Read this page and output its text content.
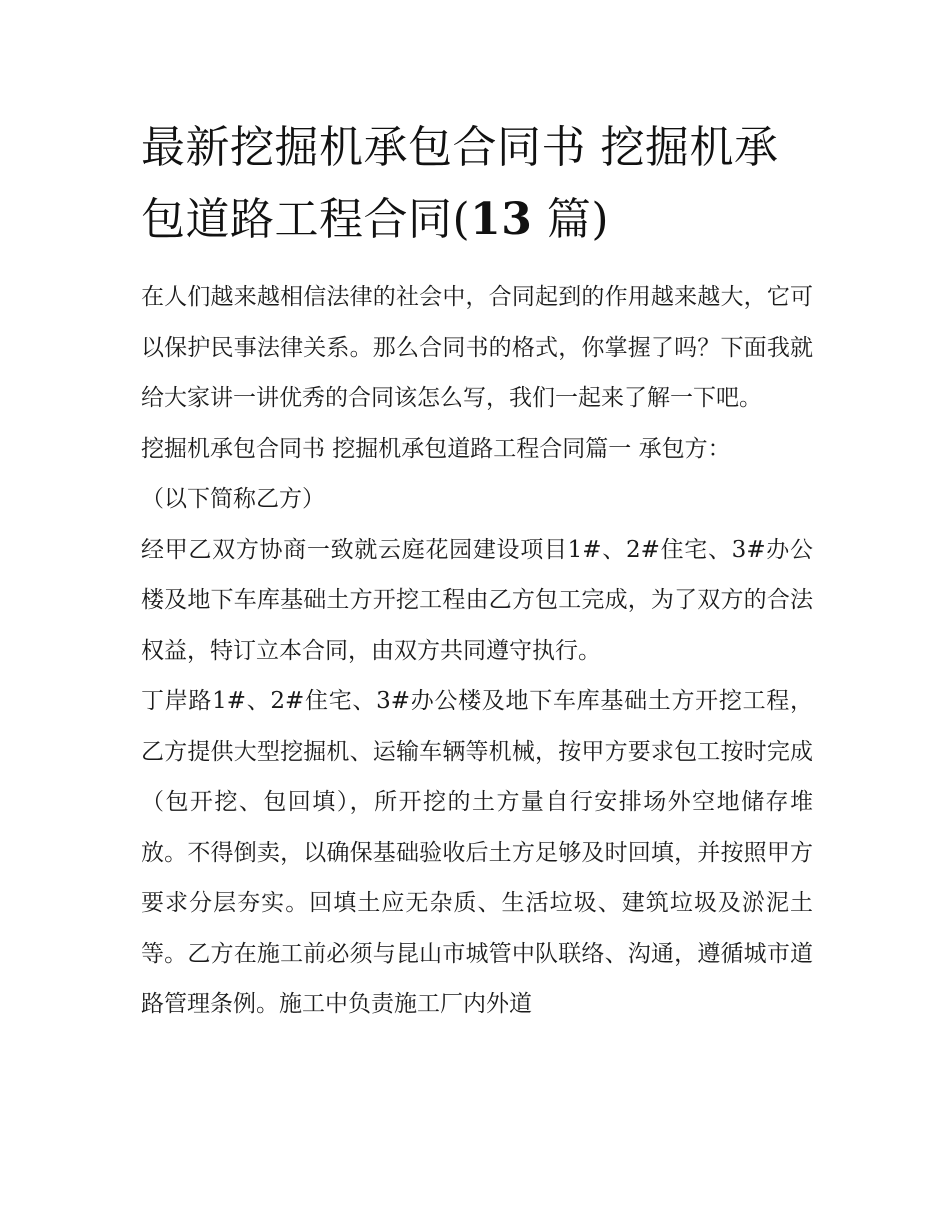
最新挖掘机承包合同书 挖掘机承包道路工程合同(13 篇)

在人们越来越相信法律的社会中，合同起到的作用越来越大，它可以保护民事法律关系。那么合同书的格式，你掌握了吗？下面我就给大家讲一讲优秀的合同该怎么写，我们一起来了解一下吧。

挖掘机承包合同书 挖掘机承包道路工程合同篇一 承包方：

（以下简称乙方）

经甲乙双方协商一致就云庭花园建设项目1#、2#住宅、3#办公楼及地下车库基础土方开挖工程由乙方包工完成，为了双方的合法权益，特订立本合同，由双方共同遵守执行。

丁岸路1#、2#住宅、3#办公楼及地下车库基础土方开挖工程，乙方提供大型挖掘机、运输车辆等机械，按甲方要求包工按时完成（包开挖、包回填），所开挖的土方量自行安排场外空地储存堆放。不得倒卖，以确保基础验收后土方足够及时回填，并按照甲方要求分层夯实。回填土应无杂质、生活垃圾、建筑垃圾及淤泥土等。乙方在施工前必须与昆山市城管中队联络、沟通，遵循城市道路管理条例。施工中负责施工厂内外道
